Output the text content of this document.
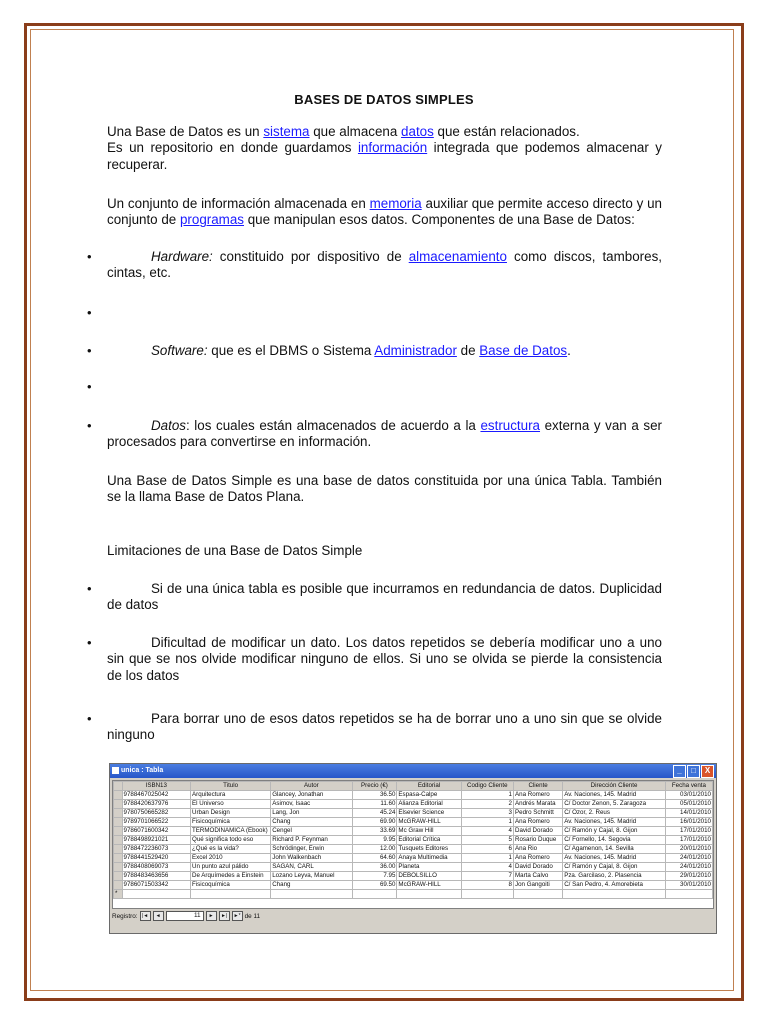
BASES DE DATOS SIMPLES
Una Base de Datos es un sistema que almacena datos que están relacionados.
Es un repositorio en donde guardamos información integrada que podemos almacenar y recuperar.
Un conjunto de información almacenada en memoria auxiliar que permite acceso directo y un conjunto de programas que manipulan esos datos. Componentes de una Base de Datos:
•	Hardware: constituido por dispositivo de almacenamiento como discos, tambores, cintas, etc.
•
•	Software: que es el DBMS o Sistema Administrador de Base de Datos.
•
•	Datos: los cuales están almacenados de acuerdo a la estructura externa y van a ser procesados para convertirse en información.
Una Base de Datos Simple es una base de datos constituida por una única Tabla. También se la llama Base de Datos Plana.
Limitaciones de una Base de Datos Simple
•	Si de una única tabla es posible que incurramos en redundancia de datos. Duplicidad de datos
•	Dificultad de modificar un dato. Los datos repetidos se debería modificar uno a uno sin que se nos olvide modificar ninguno de ellos. Si uno se olvida se pierde la consistencia de los datos
•	Para borrar uno de esos datos repetidos se ha de borrar uno a uno sin que se olvide ninguno
unica : Tabla	_	□	X
	ISBN13	Titulo	Autor	Precio (€)	Editorial	Codigo Cliente	Cliente	Dirección Cliente	Fecha venta
	9788467025042	Arquitectura	Glancey, Jonathan	36.50	Espasa-Calpe	1	Ana Romero	Av. Naciones, 145. Madrid	03/01/2010
	9788420637976	El Universo	Asimov, Isaac	11.60	Alianza Editorial	2	Andrés Marata	C/ Doctor Zenon, 5. Zaragoza	05/01/2010
	9780750665282	Urban Design	Lang, Jon	45.24	Elsevier Science	3	Pedro Schmitt	C/ Ozor, 2. Reus	14/01/2010
	9789701066522	Fisicoquímica	Chang	69.90	McGRAW-HILL	1	Ana Romero	Av. Naciones, 145. Madrid	16/01/2010
	9786071600342	TERMODINAMICA (Ebook)	Cengel	33.69	Mc Graw Hill	4	David Dorado	C/ Ramón y Cajal, 8. Gijon	17/01/2010
	9788498921021	Qué significa todo eso	Richard P. Feynman	9.95	Editorial Crítica	5	Rosario Duque	C/ Fornello, 14. Segovia	17/01/2010
	9788472236073	¿Qué es la vida?	Schrödinger, Erwin	12.00	Tusquets Editores	6	Ana Rio	C/ Agamenon, 14. Sevilla	20/01/2010
	9788441529420	Excel 2010	John Walkenbach	64.60	Anaya Multimedia	1	Ana Romero	Av. Naciones, 145. Madrid	24/01/2010
	9788408069073	Un punto azul pálido	SAGAN, CARL	36.00	Planeta	4	David Dorado	C/ Ramón y Cajal, 8. Gijon	24/01/2010
	9788483463656	De Arquímedes a Einstein	Lozano Leyva, Manuel	7.95	DEBOLSILLO	7	Marta Calvo	Pza. Garcilaso, 2. Plasencia	29/01/2010
	9786071503342	Fisicoquímica	Chang	69.50	McGRAW-HILL	8	Jon Gangoiti	C/ San Pedro, 4. Amorebieta	30/01/2010
*									
Registro: |◄	◄	11	►	►|	►* de 11
